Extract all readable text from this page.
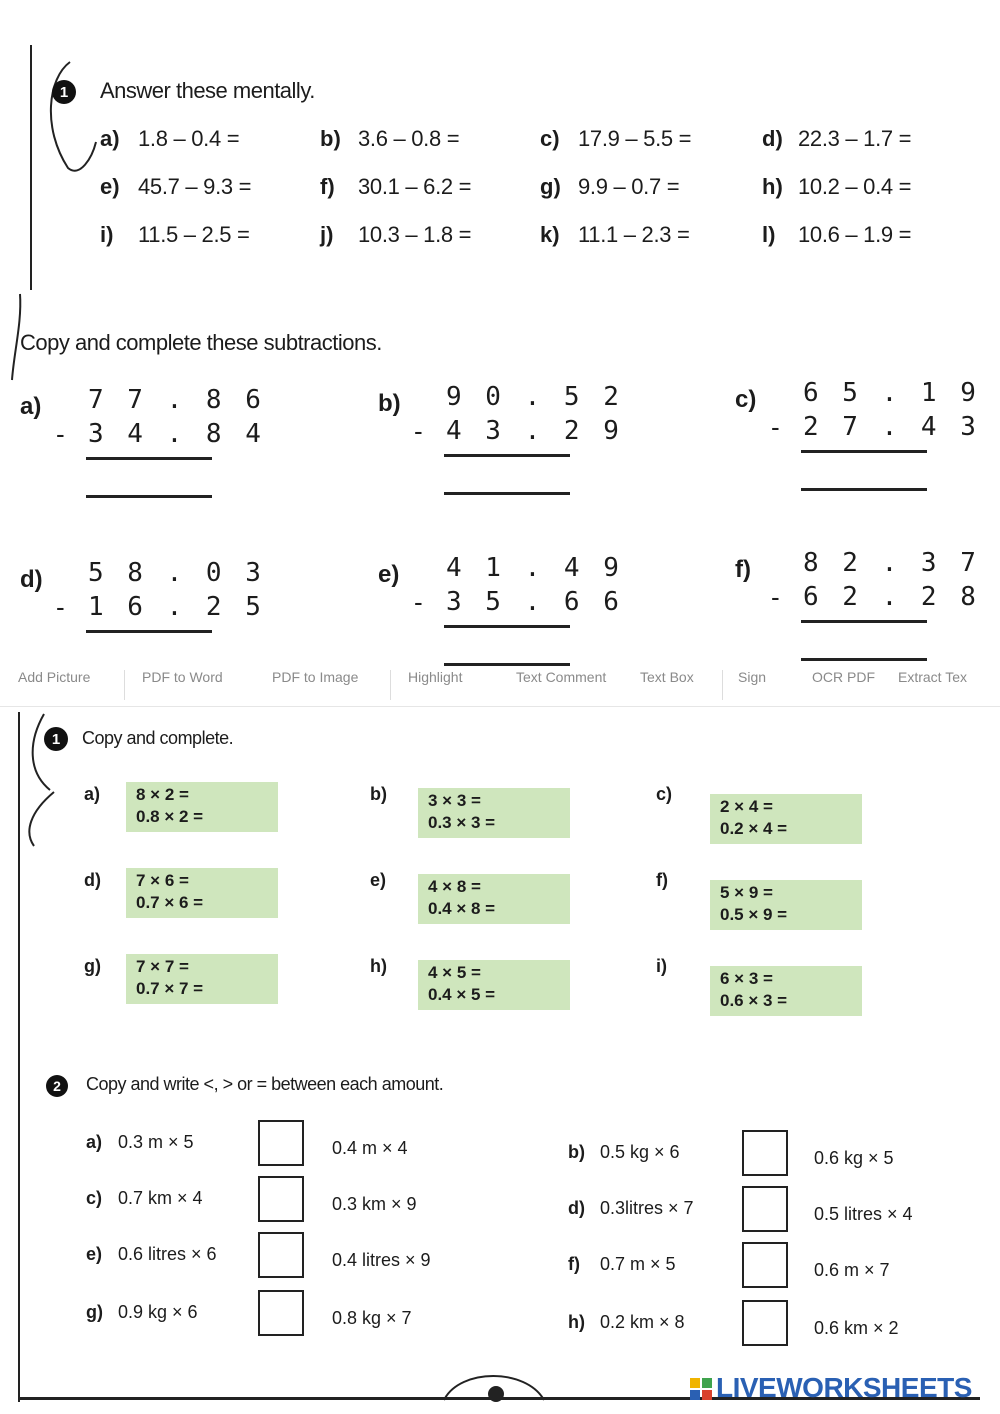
1	Answer these mentally.
a) 1.8 – 0.4 =	b) 3.6 – 0.8 =	c) 17.9 – 5.5 =	d) 22.3 – 1.7 =
e) 45.7 – 9.3 =	f) 30.1 – 6.2 =	g) 9.9 – 0.7 =	h) 10.2 – 0.4 =
i) 11.5 – 2.5 =	j) 10.3 – 1.8 =	k) 11.1 – 2.3 =	l) 10.6 – 1.9 =
Copy and complete these subtractions.
a) 7 7 . 8 6
- 3 4 . 8 4
b) 9 0 . 5 2
- 4 3 . 2 9
c) 6 5 . 1 9
- 2 7 . 4 3
d) 5 8 . 0 3
- 1 6 . 2 5
e) 4 1 . 4 9
- 3 5 . 6 6
f) 8 2 . 3 7
- 6 2 . 2 8
Add Picture	PDF to Word	PDF to Image	Highlight	Text Comment Text Box	Sign	OCR PDF Extract Tex
1	Copy and complete.
a) 8 × 2 =
0.8 × 2 =
b) 3 × 3 =
0.3 × 3 =
c)
2 × 4 =
0.2 × 4 =
d) 7 × 6 =
0.7 × 6 =
e) 4 × 8 =
0.4 × 8 =
f)
5 × 9 =
0.5 × 9 =
g) 7 × 7 =
0.7 × 7 =
h) 4 × 5 =
0.4 × 5 =
i)
6 × 3 =
0.6 × 3 =
2	Copy and write <, > or = between each amount.
a) 0.3 m × 5	0.4 m × 4	b) 0.5 kg × 6	0.6 kg × 5
c) 0.7 km × 4	0.3 km × 9	d) 0.3litres × 7	0.5 litres × 4
e) 0.6 litres × 6	0.4 litres × 9	f) 0.7 m × 5	0.6 m × 7
g) 0.9 kg × 6	0.8 kg × 7	h) 0.2 km × 8	0.6 km × 2
LIVEWORKSHEETS
